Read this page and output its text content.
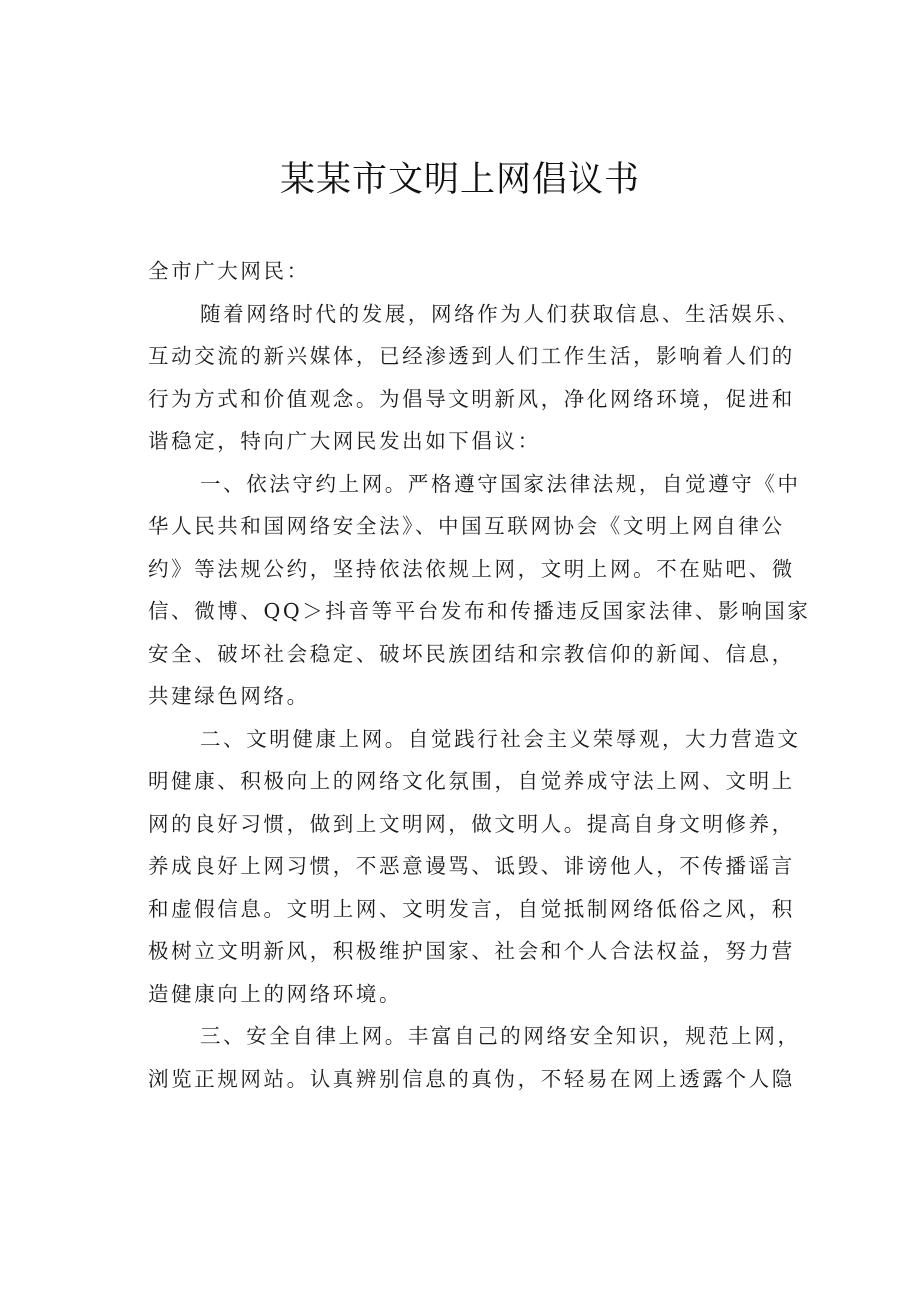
某某市文明上网倡议书

全市广大网民：

随着网络时代的发展，网络作为人们获取信息、生活娱乐、
互动交流的新兴媒体，已经渗透到人们工作生活，影响着人们的
行为方式和价值观念。为倡导文明新风，净化网络环境，促进和
谐稳定，特向广大网民发出如下倡议：

一、依法守约上网。严格遵守国家法律法规，自觉遵守《中
华人民共和国网络安全法》、中国互联网协会《文明上网自律公
约》等法规公约，坚持依法依规上网，文明上网。不在贴吧、微
信、微博、QQ＞抖音等平台发布和传播违反国家法律、影响国家
安全、破坏社会稳定、破坏民族团结和宗教信仰的新闻、信息，
共建绿色网络。

二、文明健康上网。自觉践行社会主义荣辱观，大力营造文
明健康、积极向上的网络文化氛围，自觉养成守法上网、文明上
网的良好习惯，做到上文明网，做文明人。提高自身文明修养，
养成良好上网习惯，不恶意谩骂、诋毁、诽谤他人，不传播谣言
和虚假信息。文明上网、文明发言，自觉抵制网络低俗之风，积
极树立文明新风，积极维护国家、社会和个人合法权益，努力营
造健康向上的网络环境。

三、安全自律上网。丰富自己的网络安全知识，规范上网，
浏览正规网站。认真辨别信息的真伪，不轻易在网上透露个人隐
